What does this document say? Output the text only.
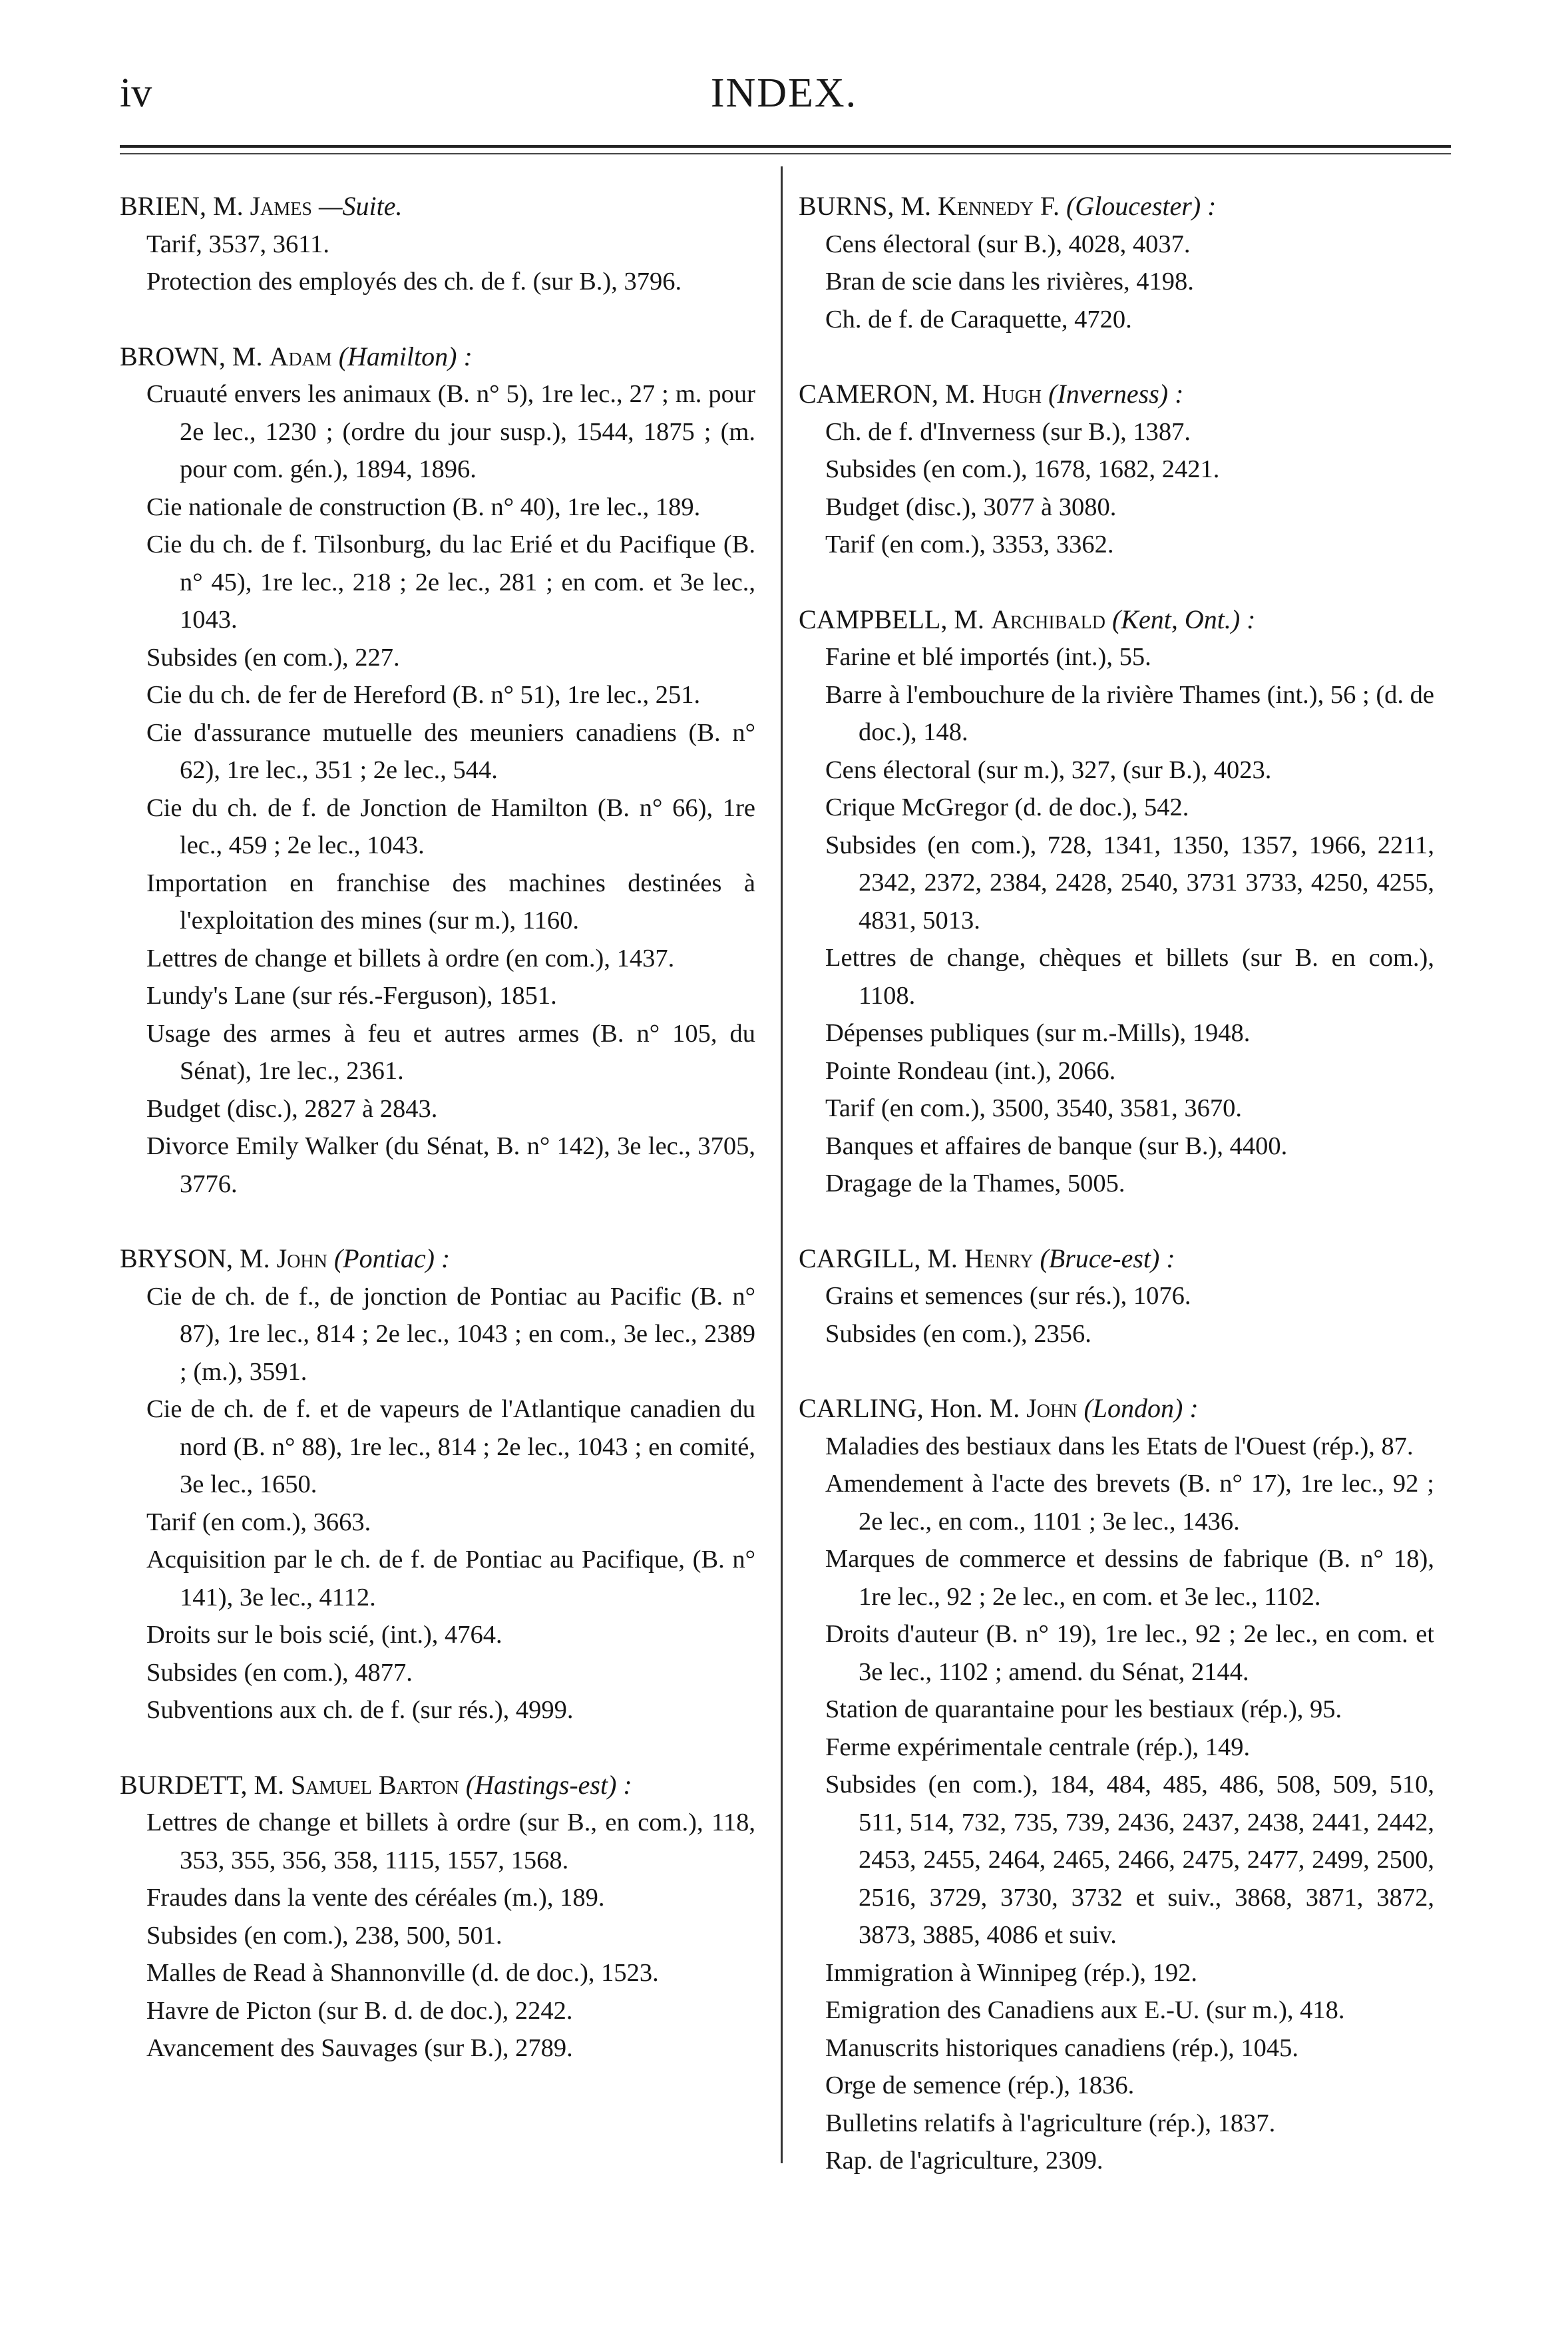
iv	INDEX.
BRIEN, M. James —Suite.
Tarif, 3537, 3611.
Protection des employés des ch. de f. (sur B.), 3796.
BROWN, M. Adam (Hamilton) :
Cruauté envers les animaux (B. n° 5), 1re lec., 27 ; m. pour 2e lec., 1230 ; (ordre du jour susp.), 1544, 1875 ; (m. pour com. gén.), 1894, 1896.
Cie nationale de construction (B. n° 40), 1re lec., 189.
Cie du ch. de f. Tilsonburg, du lac Erié et du Pacifique (B. n° 45), 1re lec., 218 ; 2e lec., 281 ; en com. et 3e lec., 1043.
Subsides (en com.), 227.
Cie du ch. de fer de Hereford (B. n° 51), 1re lec., 251.
Cie d'assurance mutuelle des meuniers canadiens (B. n° 62), 1re lec., 351 ; 2e lec., 544.
Cie du ch. de f. de Jonction de Hamilton (B. n° 66), 1re lec., 459 ; 2e lec., 1043.
Importation en franchise des machines destinées à l'exploitation des mines (sur m.), 1160.
Lettres de change et billets à ordre (en com.), 1437.
Lundy's Lane (sur rés.-Ferguson), 1851.
Usage des armes à feu et autres armes (B. n° 105, du Sénat), 1re lec., 2361.
Budget (disc.), 2827 à 2843.
Divorce Emily Walker (du Sénat, B. n° 142), 3e lec., 3705, 3776.
BRYSON, M. John (Pontiac) :
Cie de ch. de f., de jonction de Pontiac au Pacific (B. n° 87), 1re lec., 814 ; 2e lec., 1043 ; en com., 3e lec., 2389 ; (m.), 3591.
Cie de ch. de f. et de vapeurs de l'Atlantique canadien du nord (B. n° 88), 1re lec., 814 ; 2e lec., 1043 ; en comité, 3e lec., 1650.
Tarif (en com.), 3663.
Acquisition par le ch. de f. de Pontiac au Pacifique, (B. n° 141), 3e lec., 4112.
Droits sur le bois scié, (int.), 4764.
Subsides (en com.), 4877.
Subventions aux ch. de f. (sur rés.), 4999.
BURDETT, M. Samuel Barton (Hastings-est) :
Lettres de change et billets à ordre (sur B., en com.), 118, 353, 355, 356, 358, 1115, 1557, 1568.
Fraudes dans la vente des céréales (m.), 189.
Subsides (en com.), 238, 500, 501.
Malles de Read à Shannonville (d. de doc.), 1523.
Havre de Picton (sur B. d. de doc.), 2242.
Avancement des Sauvages (sur B.), 2789.
BURNS, M. Kennedy F. (Gloucester) :
Cens électoral (sur B.), 4028, 4037.
Bran de scie dans les rivières, 4198.
Ch. de f. de Caraquette, 4720.
CAMERON, M. Hugh (Inverness) :
Ch. de f. d'Inverness (sur B.), 1387.
Subsides (en com.), 1678, 1682, 2421.
Budget (disc.), 3077 à 3080.
Tarif (en com.), 3353, 3362.
CAMPBELL, M. Archibald (Kent, Ont.) :
Farine et blé importés (int.), 55.
Barre à l'embouchure de la rivière Thames (int.), 56 ; (d. de doc.), 148.
Cens électoral (sur m.), 327, (sur B.), 4023.
Crique McGregor (d. de doc.), 542.
Subsides (en com.), 728, 1341, 1350, 1357, 1966, 2211, 2342, 2372, 2384, 2428, 2540, 3731 3733, 4250, 4255, 4831, 5013.
Lettres de change, chèques et billets (sur B. en com.), 1108.
Dépenses publiques (sur m.-Mills), 1948.
Pointe Rondeau (int.), 2066.
Tarif (en com.), 3500, 3540, 3581, 3670.
Banques et affaires de banque (sur B.), 4400.
Dragage de la Thames, 5005.
CARGILL, M. Henry (Bruce-est) :
Grains et semences (sur rés.), 1076.
Subsides (en com.), 2356.
CARLING, Hon. M. John (London) :
Maladies des bestiaux dans les Etats de l'Ouest (rép.), 87.
Amendement à l'acte des brevets (B. n° 17), 1re lec., 92 ; 2e lec., en com., 1101 ; 3e lec., 1436.
Marques de commerce et dessins de fabrique (B. n° 18), 1re lec., 92 ; 2e lec., en com. et 3e lec., 1102.
Droits d'auteur (B. n° 19), 1re lec., 92 ; 2e lec., en com. et 3e lec., 1102 ; amend. du Sénat, 2144.
Station de quarantaine pour les bestiaux (rép.), 95.
Ferme expérimentale centrale (rép.), 149.
Subsides (en com.), 184, 484, 485, 486, 508, 509, 510, 511, 514, 732, 735, 739, 2436, 2437, 2438, 2441, 2442, 2453, 2455, 2464, 2465, 2466, 2475, 2477, 2499, 2500, 2516, 3729, 3730, 3732 et suiv., 3868, 3871, 3872, 3873, 3885, 4086 et suiv.
Immigration à Winnipeg (rép.), 192.
Emigration des Canadiens aux E.-U. (sur m.), 418.
Manuscrits historiques canadiens (rép.), 1045.
Orge de semence (rép.), 1836.
Bulletins relatifs à l'agriculture (rép.), 1837.
Rap. de l'agriculture, 2309.
